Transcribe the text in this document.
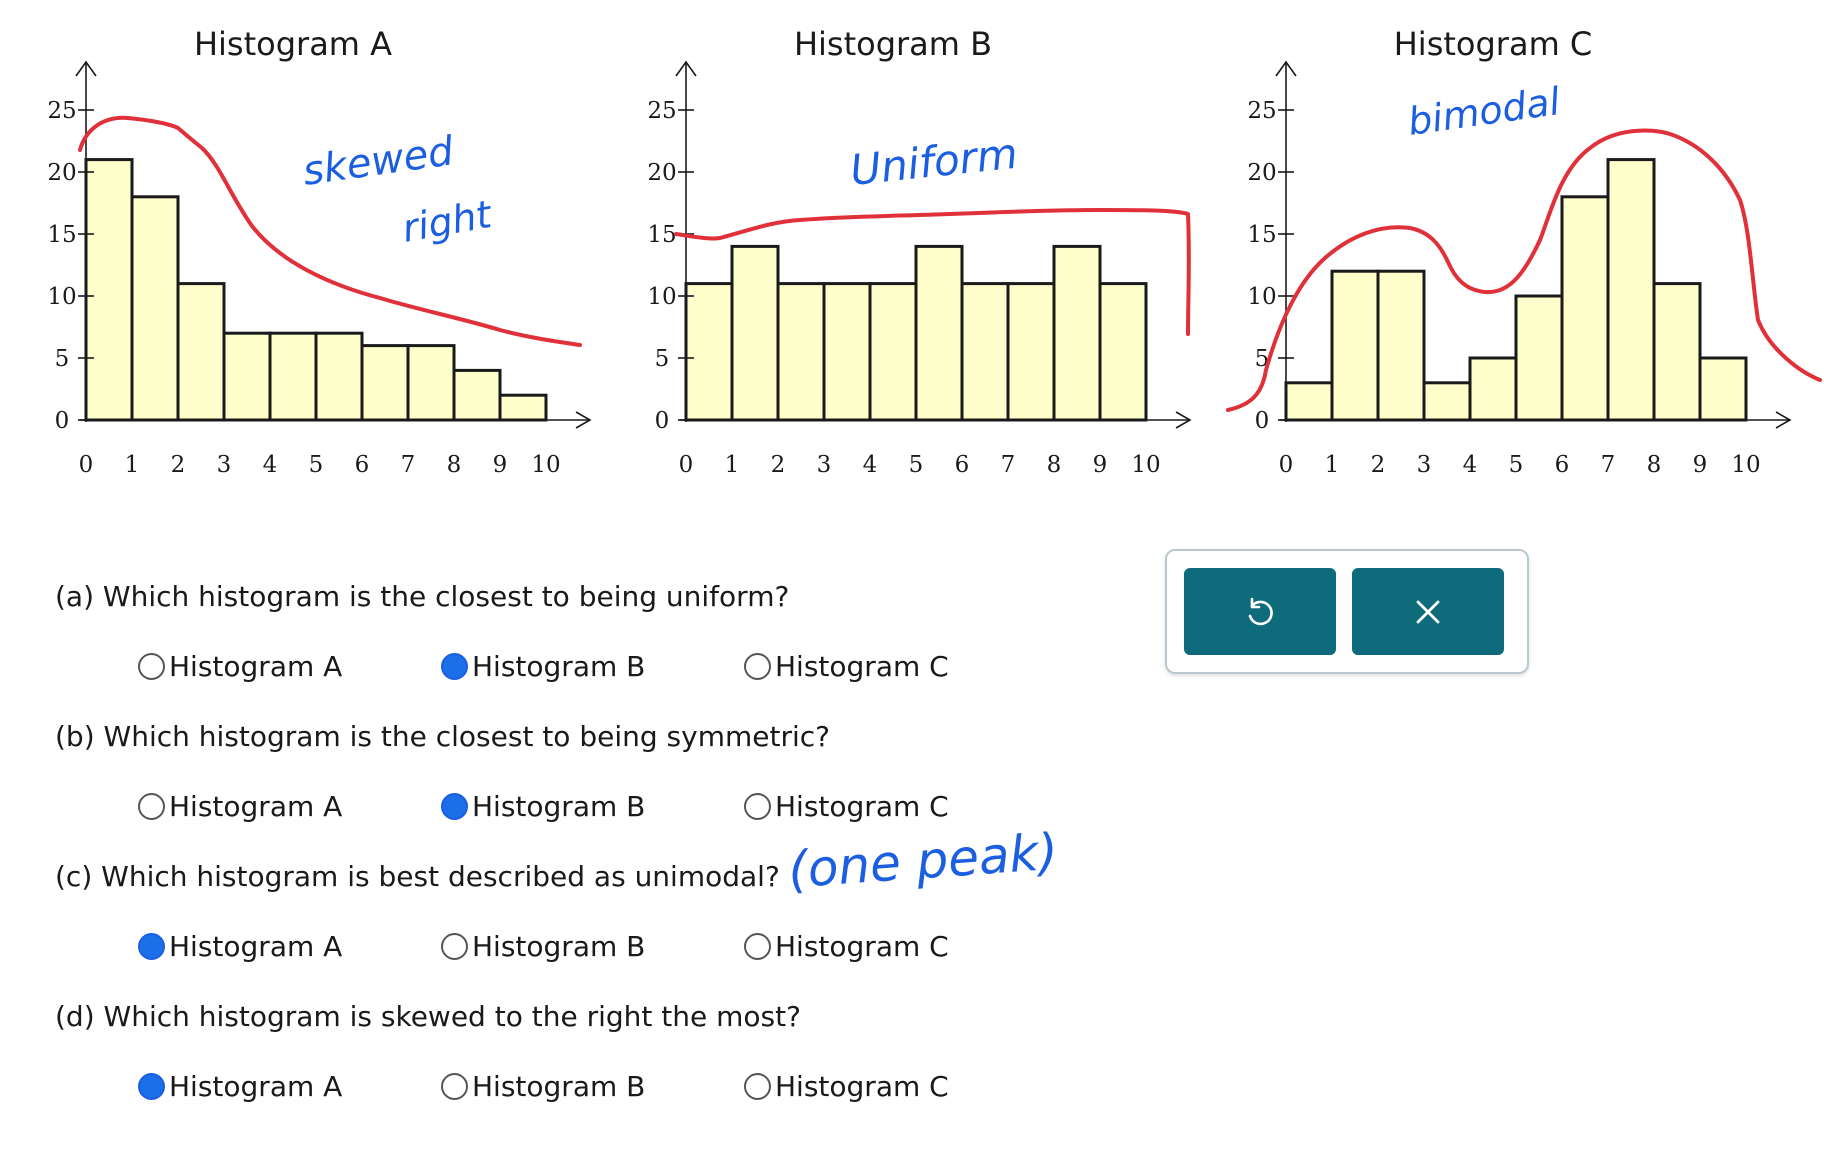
Histogram A
0
5
10
15
20
25
0 1 2 3 4 5 6 7 8 9 10
Histogram B
0
5
10
15
20
25
0 1 2 3 4 5 6 7 8 9 10
Histogram C
0
5
10
15
20
25
0 1 2 3 4 5 6 7 8 9 10
skewed
right
Uniform
bimodal
(a) Which histogram is the closest to being uniform?
Histogram A	Histogram B	Histogram C
(b) Which histogram is the closest to being symmetric?
Histogram A	Histogram B	Histogram C
(c) Which histogram is best described as unimodal? (one peak)
Histogram A	Histogram B	Histogram C
(d) Which histogram is skewed to the right the most?
Histogram A	Histogram B	Histogram C
